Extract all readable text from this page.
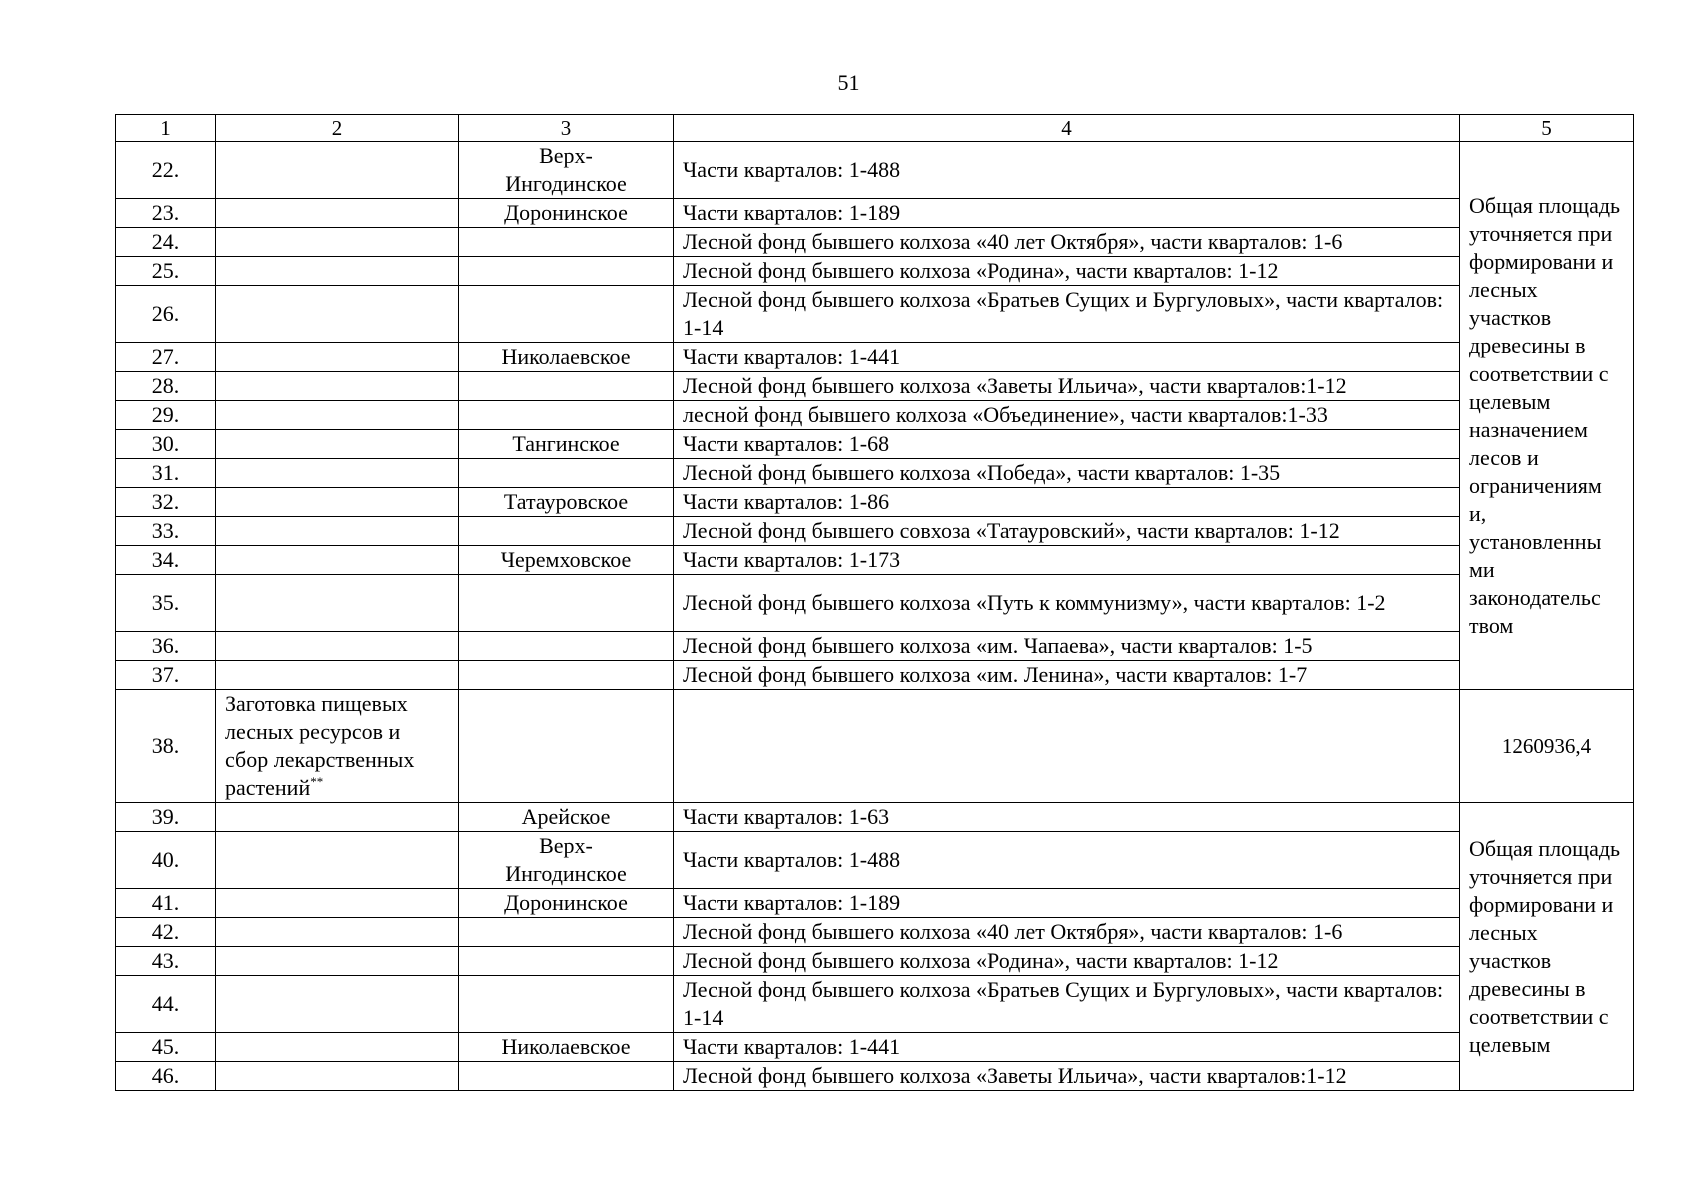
51
1	2	3	4	5
22.		Верх-Ингодинское	Части кварталов: 1-488	Общая площадь уточняется при формировани и лесных участков древесины в соответствии с целевым назначением лесов и ограничениям и, установленны ми законодательс твом
23.		Доронинское	Части кварталов: 1-189	
24.			Лесной фонд бывшего колхоза «40 лет Октября», части кварталов: 1-6	
25.			Лесной фонд бывшего колхоза «Родина», части кварталов: 1-12	
26.			Лесной фонд бывшего колхоза «Братьев Сущих и Бургуловых», части кварталов: 1-14	
27.		Николаевское	Части кварталов: 1-441	
28.			Лесной фонд бывшего колхоза «Заветы Ильича», части кварталов:1-12	
29.			лесной фонд бывшего колхоза «Объединение», части кварталов:1-33	
30.		Тангинское	Части кварталов: 1-68	
31.			Лесной фонд бывшего колхоза «Победа», части кварталов: 1-35	
32.		Татауровское	Части кварталов: 1-86	
33.			Лесной фонд бывшего совхоза «Татауровский», части кварталов: 1-12	
34.		Черемховское	Части кварталов: 1-173	
35.			Лесной фонд бывшего колхоза «Путь к коммунизму», части кварталов: 1-2	
36.			Лесной фонд бывшего колхоза «им. Чапаева», части кварталов: 1-5	
37.			Лесной фонд бывшего колхоза «им. Ленина», части кварталов: 1-7	
38.	Заготовка пищевых лесных ресурсов и сбор лекарственных растений**			1260936,4
39.		Арейское	Части кварталов: 1-63	Общая площадь уточняется при формировани и лесных участков древесины в соответствии с целевым
40.		Верх-Ингодинское	Части кварталов: 1-488	
41.		Доронинское	Части кварталов: 1-189	
42.			Лесной фонд бывшего колхоза «40 лет Октября», части кварталов: 1-6	
43.			Лесной фонд бывшего колхоза «Родина», части кварталов: 1-12	
44.			Лесной фонд бывшего колхоза «Братьев Сущих и Бургуловых», части кварталов: 1-14	
45.		Николаевское	Части кварталов: 1-441	
46.			Лесной фонд бывшего колхоза «Заветы Ильича», части кварталов:1-12	
